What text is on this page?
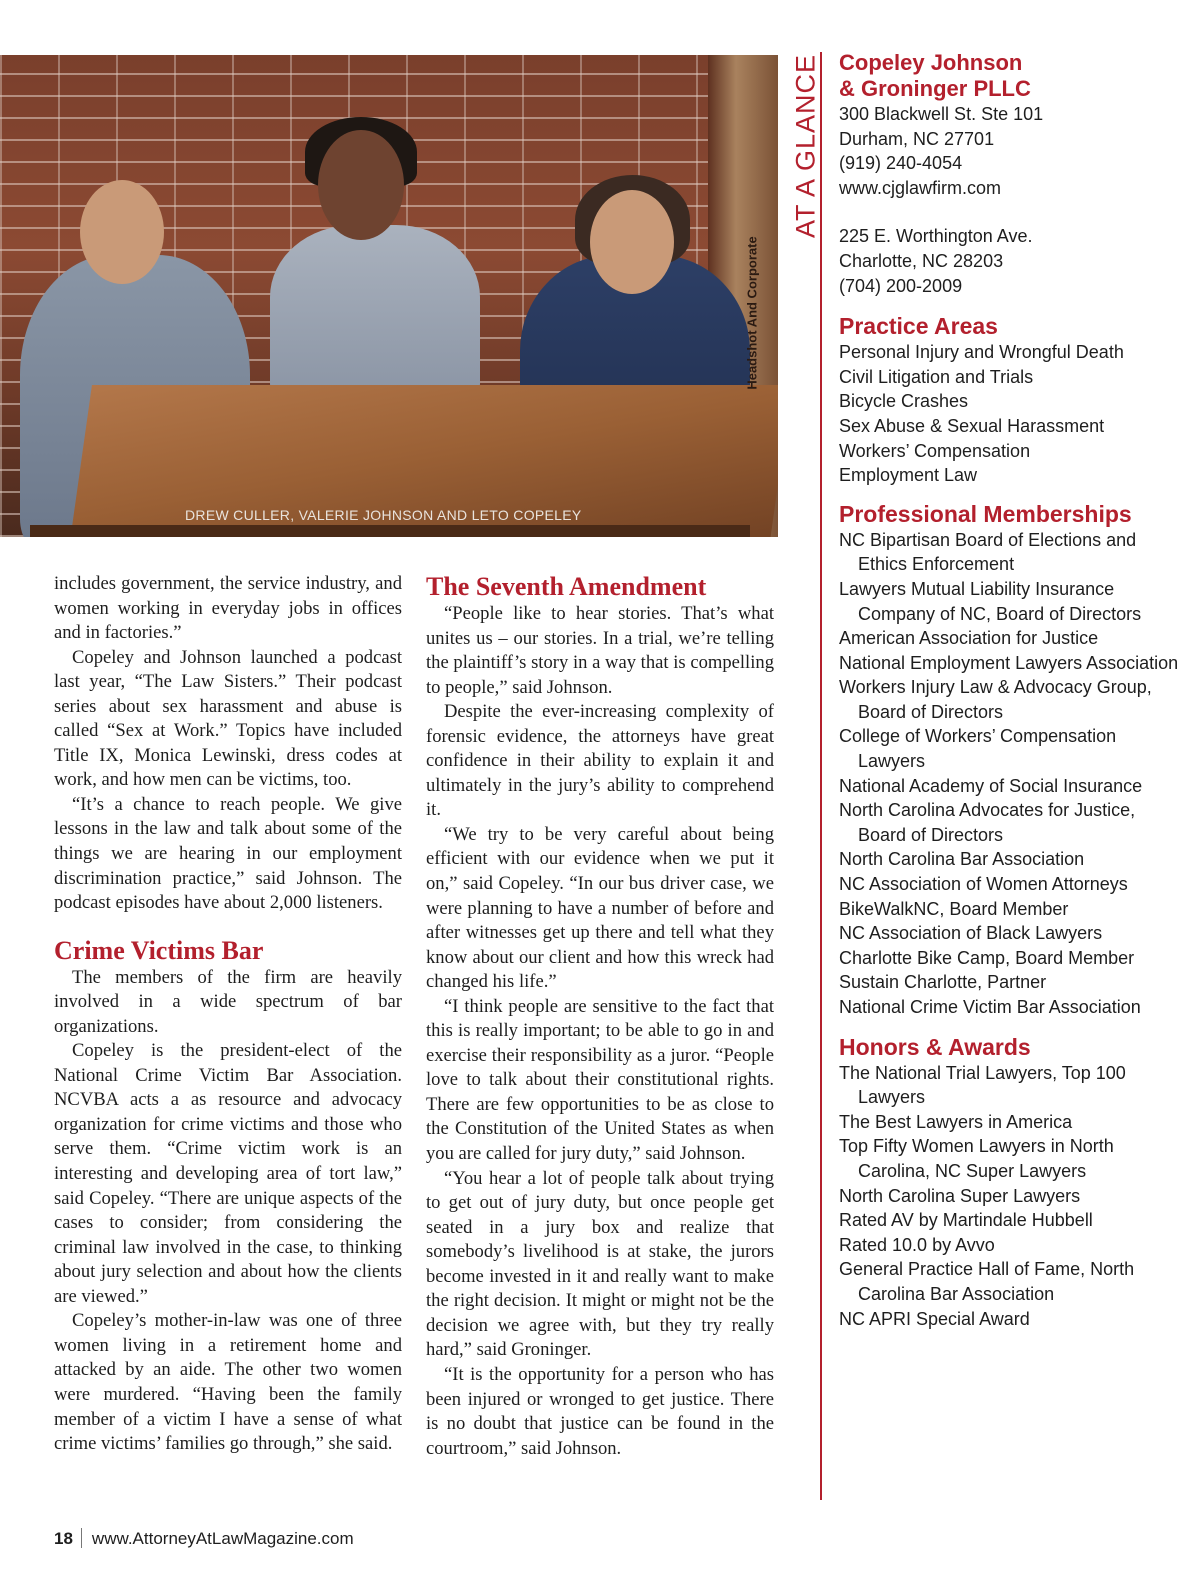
DREW CULLER, VALERIE JOHNSON AND LETO COPELEY
Headshot And Corporate
AT A GLANCE Copeley Johnson

& Groninger PLLC

300 Blackwell St. Ste 101

Durham, NC 27701

(919) 240-4054

www.cjglawfirm.com

225 E. Worthington Ave.

Charlotte, NC 28203

(704) 200-2009

Practice Areas
Personal Injury and Wrongful Death
Civil Litigation and Trials
Bicycle Crashes
Sex Abuse & Sexual Harassment
Workers’ Compensation
Employment Law
Professional Memberships
NC Bipartisan Board of Elections and Ethics Enforcement
Lawyers Mutual Liability Insurance Company of NC, Board of Directors
American Association for Justice
National Employment Lawyers Association
Workers Injury Law & Advocacy Group, Board of Directors
College of Workers’ Compensation Lawyers
National Academy of Social Insurance
North Carolina Advocates for Justice, Board of Directors
North Carolina Bar Association
NC Association of Women Attorneys
BikeWalkNC, Board Member
NC Association of Black Lawyers
Charlotte Bike Camp, Board Member
Sustain Charlotte, Partner
National Crime Victim Bar Association
Honors & Awards
The National Trial Lawyers, Top 100 Lawyers
The Best Lawyers in America
Top Fifty Women Lawyers in North Carolina, NC Super Lawyers
North Carolina Super Lawyers
Rated AV by Martindale Hubbell
Rated 10.0 by Avvo
General Practice Hall of Fame, North Carolina Bar Association
NC APRI Special Award

includes government, the service industry, and women working in everyday jobs in offices and in factories.”

Copeley and Johnson launched a podcast last year, “The Law Sisters.” Their podcast series about sex harassment and abuse is called “Sex at Work.” Topics have included Title IX, Monica Lewinski, dress codes at work, and how men can be victims, too.

“It’s a chance to reach people. We give lessons in the law and talk about some of the things we are hearing in our employment discrimination practice,” said Johnson. The podcast episodes have about 2,000 listeners.

Crime Victims Bar

The members of the firm are heavily involved in a wide spectrum of bar organizations.

Copeley is the president-elect of the National Crime Victim Bar Association. NCVBA acts a as resource and advocacy organization for crime victims and those who serve them. “Crime victim work is an interesting and developing area of tort law,” said Copeley. “There are unique aspects of the cases to consider; from considering the criminal law involved in the case, to thinking about jury selection and about how the clients are viewed.”

Copeley’s mother-in-law was one of three women living in a retirement home and attacked by an aide. The other two women were murdered. “Having been the family member of a victim I have a sense of what crime victims’ families go through,” she said.

The Seventh Amendment

“People like to hear stories. That’s what unites us – our stories. In a trial, we’re telling the plaintiff’s story in a way that is compelling to people,” said Johnson.

Despite the ever-increasing complexity of forensic evidence, the attorneys have great confidence in their ability to explain it and ultimately in the jury’s ability to comprehend it.

“We try to be very careful about being efficient with our evidence when we put it on,” said Copeley. “In our bus driver case, we were planning to have a number of before and after witnesses get up there and tell what they know about our client and how this wreck had changed his life.”

“I think people are sensitive to the fact that this is really important; to be able to go in and exercise their responsibility as a juror. “People love to talk about their constitutional rights. There are few opportunities to be as close to the Constitution of the United States as when you are called for jury duty,” said Johnson.

“You hear a lot of people talk about trying to get out of jury duty, but once people get seated in a jury box and realize that somebody’s livelihood is at stake, the jurors become invested in it and really want to make the right decision. It might or might not be the decision we agree with, but they try really hard,” said Groninger.

“It is the opportunity for a person who has been injured or wronged to get justice. There is no doubt that justice can be found in the courtroom,” said Johnson.

18 www.AttorneyAtLawMagazine.com
